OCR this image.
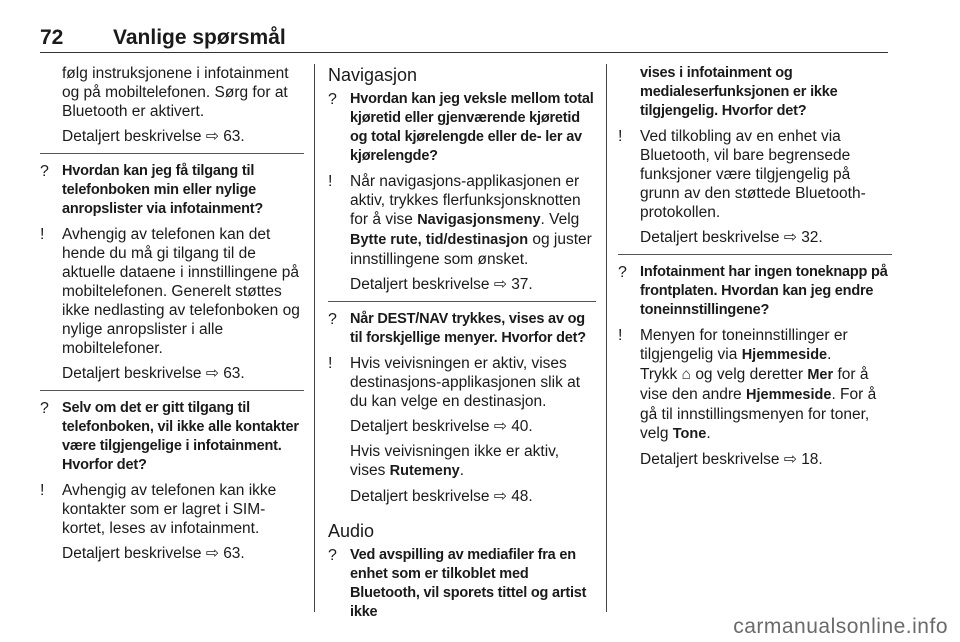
72 Vanlige spørsmål
følg instruksjonene i infotainment og på mobiltelefonen. Sørg for at Bluetooth er aktivert.
Detaljert beskrivelse ⇨ 63.
? Hvordan kan jeg få tilgang til telefonboken min eller nylige anropslister via infotainment?
!	Avhengig av telefonen kan det hende du må gi tilgang til de aktuelle dataene i innstillingene på mobiltelefonen. Generelt støttes ikke nedlasting av telefonboken og nylige anropslister i alle mobiltelefoner.
Detaljert beskrivelse ⇨ 63.
? Selv om det er gitt tilgang til telefonboken, vil ikke alle kontakter være tilgjengelige i infotainment. Hvorfor det?
!	Avhengig av telefonen kan ikke kontakter som er lagret i SIM-kortet, leses av infotainment.
Detaljert beskrivelse ⇨ 63.
Navigasjon
? Hvordan kan jeg veksle mellom total kjøretid eller gjenværende kjøretid og total kjørelengde eller de- ler av kjørelengde?
!	Når navigasjons-applikasjonen er aktiv, trykkes flerfunksjonsknotten for å vise Navigasjonsmeny. Velg Bytte rute, tid/destinasjon og juster innstillingene som ønsket.
Detaljert beskrivelse ⇨ 37.
? Når DEST/NAV trykkes, vises av og til forskjellige menyer. Hvorfor det?
!	Hvis veivisningen er aktiv, vises destinasjons-applikasjonen slik at du kan velge en destinasjon.
Detaljert beskrivelse ⇨ 40.
Hvis veivisningen ikke er aktiv, vises Rutemeny.
Detaljert beskrivelse ⇨ 48.
Audio
? Ved avspilling av mediafiler fra en enhet som er tilkoblet med Bluetooth, vil sporets tittel og artist ikke
vises i infotainment og medialeserfunksjonen er ikke tilgjengelig. Hvorfor det?
!	Ved tilkobling av en enhet via Bluetooth, vil bare begrensede funksjoner være tilgjengelig på grunn av den støttede Bluetooth-protokollen.
Detaljert beskrivelse ⇨ 32.
? Infotainment har ingen toneknapp på frontplaten. Hvordan kan jeg endre toneinnstillingene?
!	Menyen for toneinnstillinger er tilgjengelig via Hjemmeside.
Trykk ⌂ og velg deretter Mer for å vise den andre Hjemmeside. For å gå til innstillingsmenyen for toner, velg Tone.
Detaljert beskrivelse ⇨ 18.
carmanualsonline.info
